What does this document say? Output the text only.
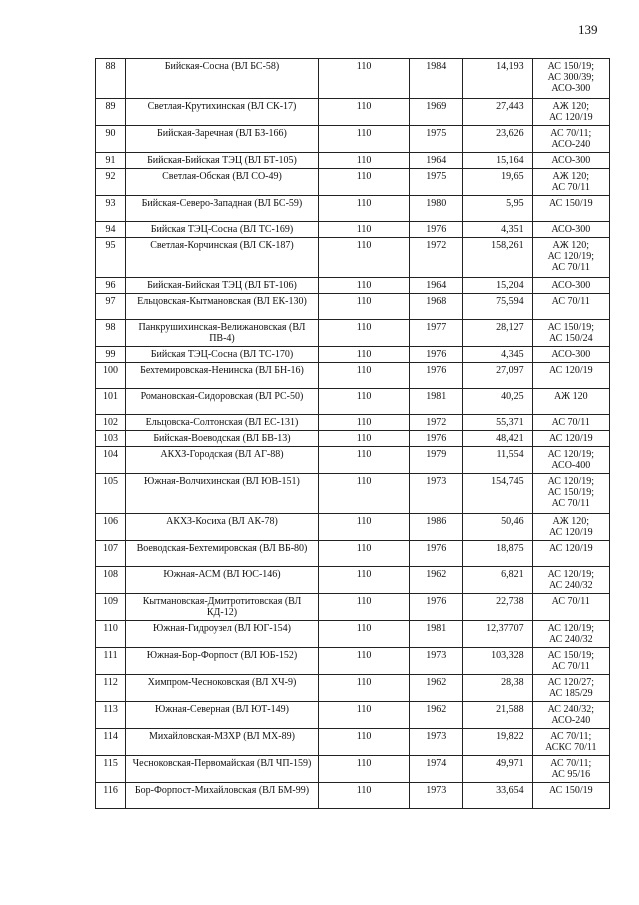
139
88	Бийская-Сосна (ВЛ БС-58)	110	1984	14,193	АС 150/19;
АС 300/39;
АСО-300

89	Светлая-Крутихинская (ВЛ СК-17)	110	1969	27,443	АЖ 120;
АС 120/19

90	Бийская-Заречная (ВЛ БЗ-166)	110	1975	23,626	АС 70/11;
АСО-240

91	Бийская-Бийская ТЭЦ (ВЛ БТ-105)	110	1964	15,164	АСО-300

92	Светлая-Обская (ВЛ СО-49)	110	1975	19,65	АЖ 120;
АС 70/11

93	Бийская-Северо-Западная (ВЛ БС-59)	110	1980	5,95	АС 150/19

94	Бийская ТЭЦ-Сосна (ВЛ ТС-169)	110	1976	4,351	АСО-300

95	Светлая-Корчинская (ВЛ СК-187)	110	1972	158,261	АЖ 120;
АС 120/19;
АС 70/11

96	Бийская-Бийская ТЭЦ (ВЛ БТ-106)	110	1964	15,204	АСО-300

97	Ельцовская-Кытмановская (ВЛ ЕК-130)	110	1968	75,594	АС 70/11

98	Панкрушихинская-Велижановская (ВЛ ПВ-4)	110	1977	28,127	АС 150/19;
АС 150/24

99	Бийская ТЭЦ-Сосна (ВЛ ТС-170)	110	1976	4,345	АСО-300

100	Бехтемировская-Ненинска (ВЛ БН-16)	110	1976	27,097	АС 120/19

101	Романовская-Сидоровская (ВЛ РС-50)	110	1981	40,25	АЖ 120

102	Ельцовска-Солтонская (ВЛ ЕС-131)	110	1972	55,371	АС 70/11

103	Бийская-Воеводская (ВЛ БВ-13)	110	1976	48,421	АС 120/19

104	АКХЗ-Городская (ВЛ АГ-88)	110	1979	11,554	АС 120/19;
АСО-400

105	Южная-Волчихинская (ВЛ ЮВ-151)	110	1973	154,745	АС 120/19;
АС 150/19;
АС 70/11

106	АКХЗ-Косиха (ВЛ АК-78)	110	1986	50,46	АЖ 120;
АС 120/19

107	Воеводская-Бехтемировская (ВЛ ВБ-80)	110	1976	18,875	АС 120/19

108	Южная-АСМ (ВЛ ЮС-146)	110	1962	6,821	АС 120/19;
АС 240/32

109	Кытмановская-Дмитротитовская (ВЛ КД-12)	110	1976	22,738	АС 70/11

110	Южная-Гидроузел (ВЛ ЮГ-154)	110	1981	12,37707	АС 120/19;
АС 240/32

111	Южная-Бор-Форпост (ВЛ ЮБ-152)	110	1973	103,328	АС 150/19;
АС 70/11

112	Химпром-Чесноковская (ВЛ ХЧ-9)	110	1962	28,38	АС 120/27;
АС 185/29

113	Южная-Северная (ВЛ ЮТ-149)	110	1962	21,588	АС 240/32;
АСО-240

114	Михайловская-МЗХР (ВЛ МХ-89)	110	1973	19,822	АС 70/11;
АСКС 70/11

115	Чесноковская-Первомайская (ВЛ ЧП-159)	110	1974	49,971	АС 70/11;
АС 95/16

116	Бор-Форпост-Михайловская (ВЛ БМ-99)	110	1973	33,654	АС 150/19
